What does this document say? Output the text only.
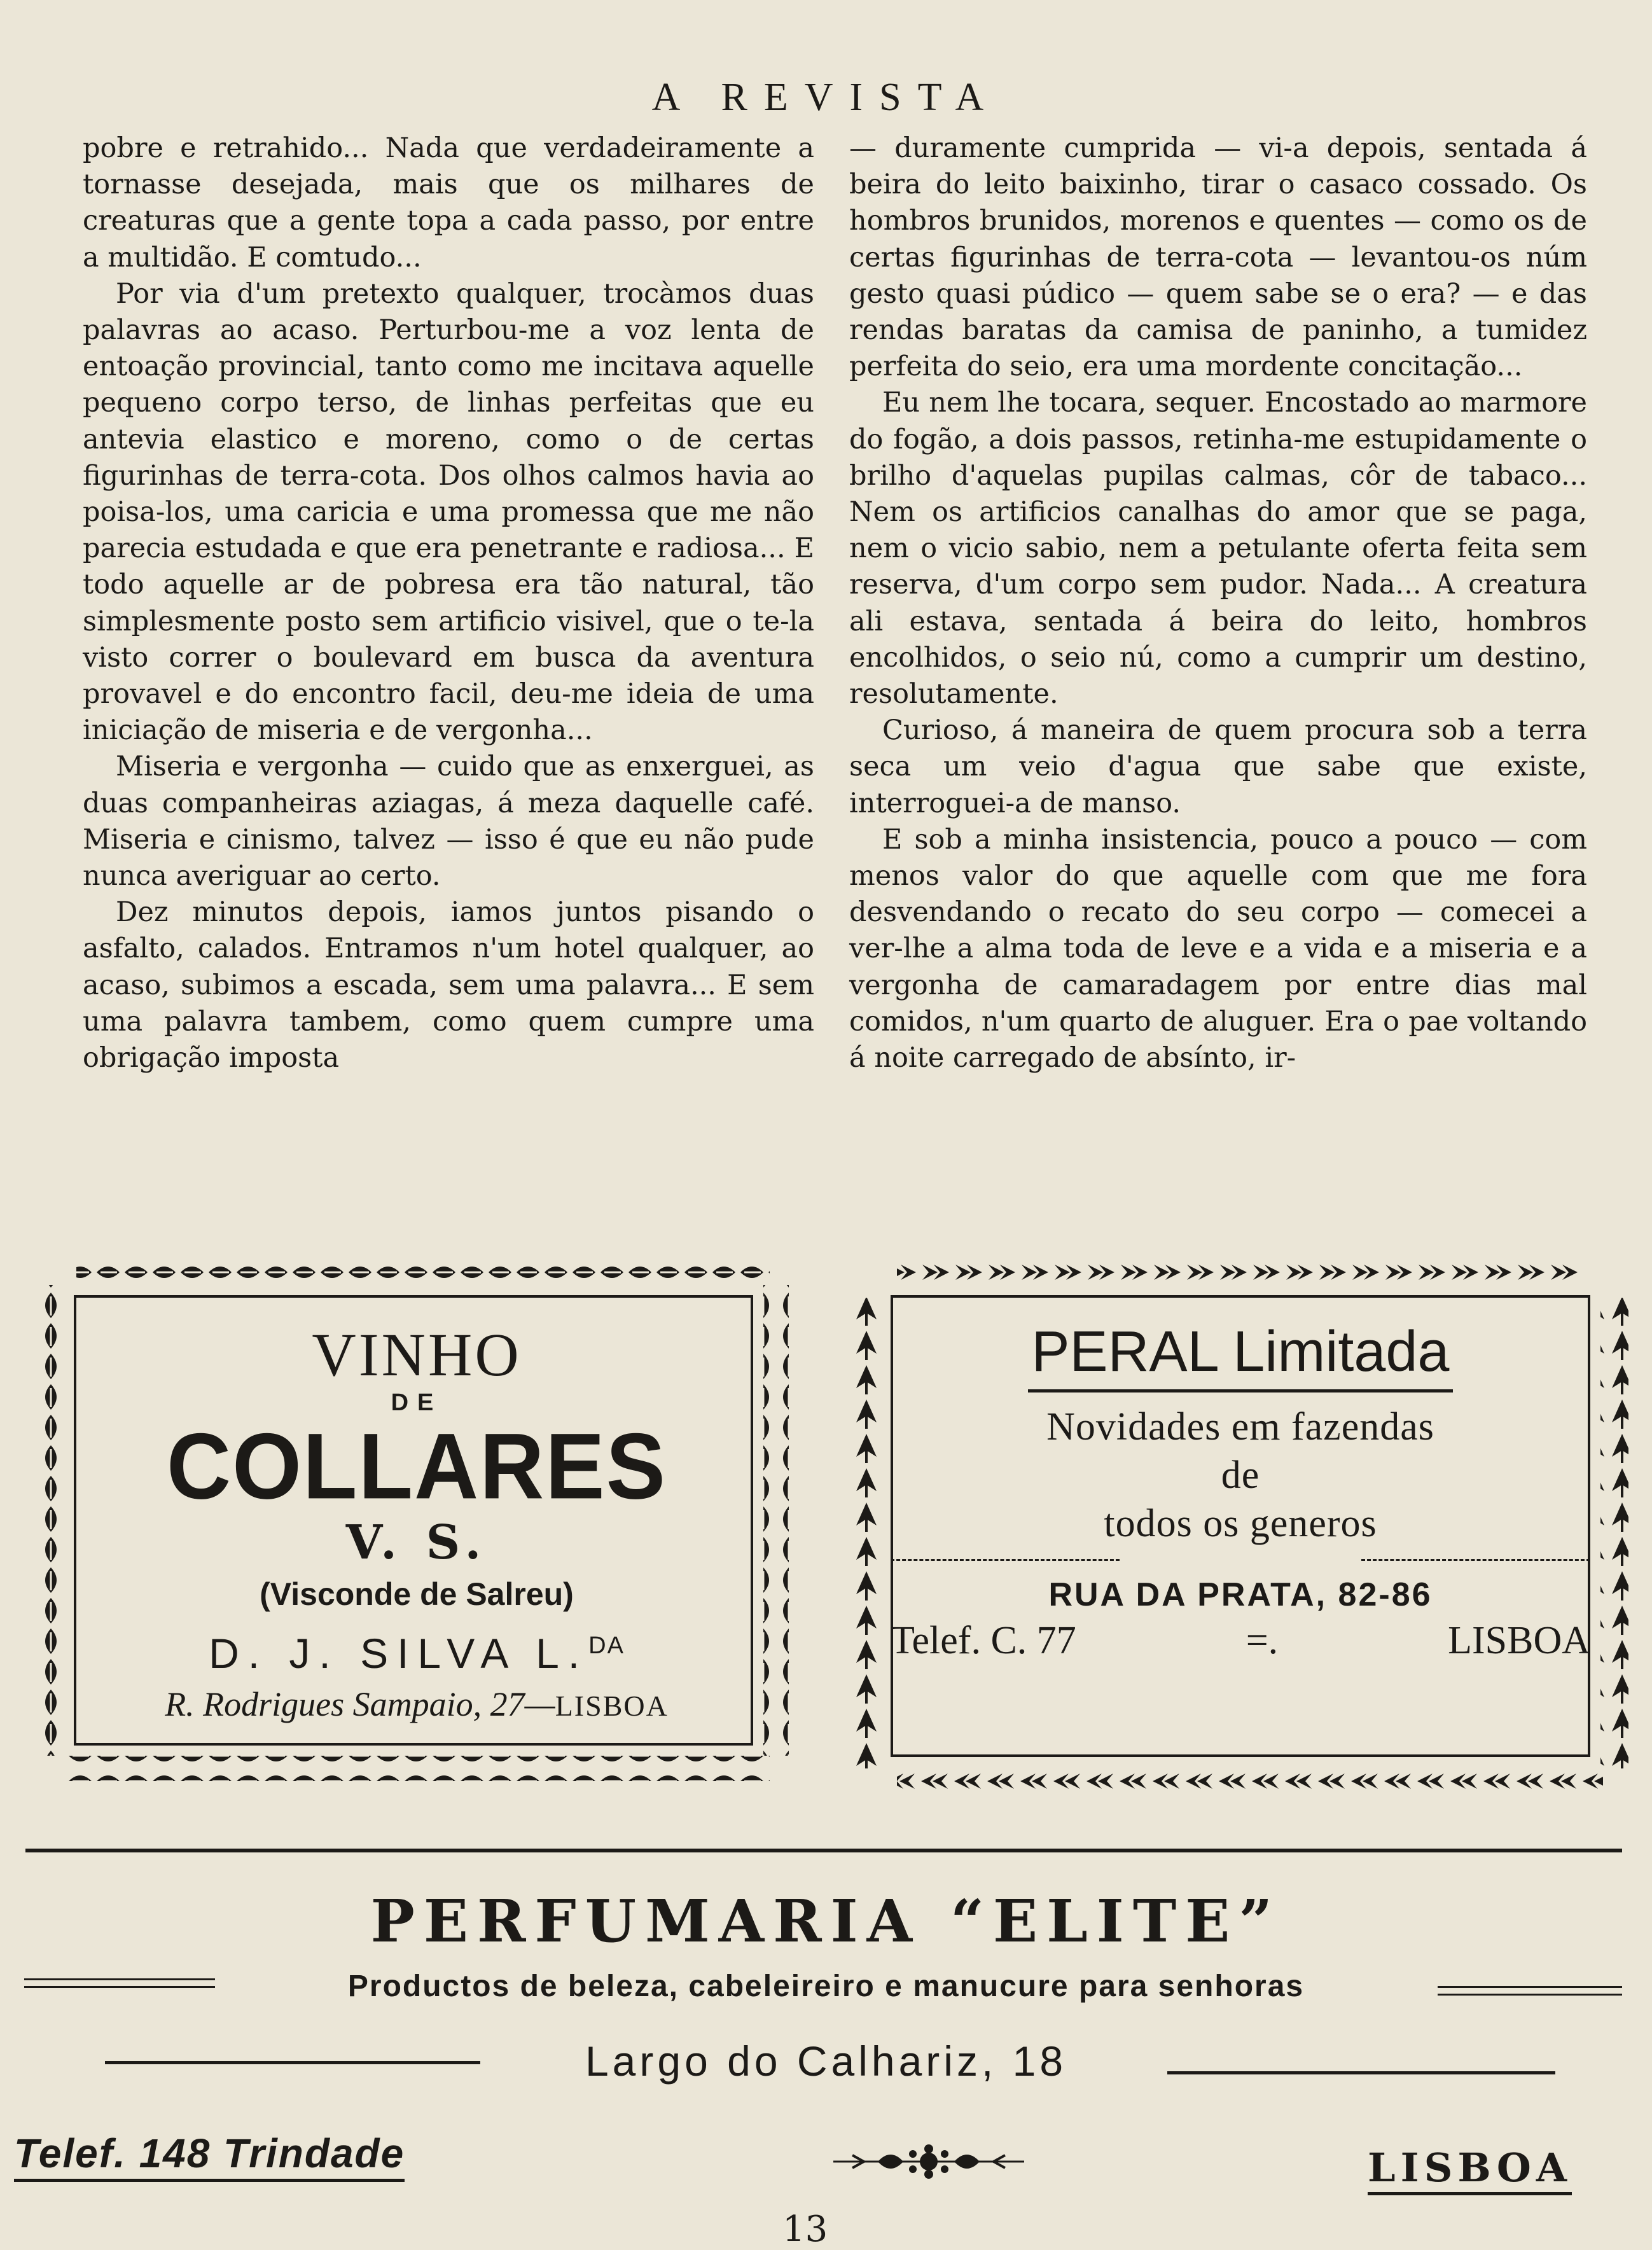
A REVISTA

pobre e retrahido... Nada que verdadeiramente a tornasse desejada, mais que os milhares de creaturas que a gente topa a cada passo, por entre a multidão. E comtudo...

Por via d'um pretexto qualquer, trocàmos duas palavras ao acaso. Perturbou-me a voz lenta de entoação provincial, tanto como me incitava aquelle pequeno corpo terso, de linhas perfeitas que eu antevia elastico e moreno, como o de certas figurinhas de terra-cota. Dos olhos calmos havia ao poisa-los, uma caricia e uma promessa que me não parecia estudada e que era penetrante e radiosa... E todo aquelle ar de pobresa era tão natural, tão simplesmente posto sem artificio visivel, que o te-la visto correr o boulevard em busca da aventura provavel e do encontro facil, deu-me ideia de uma iniciação de miseria e de vergonha...

Miseria e vergonha — cuido que as enxerguei, as duas companheiras aziagas, á meza daquelle café. Miseria e cinismo, talvez — isso é que eu não pude nunca averiguar ao certo.

Dez minutos depois, iamos juntos pisando o asfalto, calados. Entramos n'um hotel qualquer, ao acaso, subimos a escada, sem uma palavra... E sem uma palavra tambem, como quem cumpre uma obrigação imposta

— duramente cumprida — vi-a depois, sentada á beira do leito baixinho, tirar o casaco cossado. Os hombros brunidos, morenos e quentes — como os de certas figurinhas de terra-cota — levantou-os núm gesto quasi púdico — quem sabe se o era? — e das rendas baratas da camisa de paninho, a tumidez perfeita do seio, era uma mordente concitação...

Eu nem lhe tocara, sequer. Encostado ao marmore do fogão, a dois passos, retinha-me estupidamente o brilho d'aquelas pupilas calmas, côr de tabaco... Nem os artificios canalhas do amor que se paga, nem o vicio sabio, nem a petulante oferta feita sem reserva, d'um corpo sem pudor. Nada... A creatura ali estava, sentada á beira do leito, hombros encolhidos, o seio nú, como a cumprir um destino, resolutamente.

Curioso, á maneira de quem procura sob a terra seca um veio d'agua que sabe que existe, interroguei-a de manso.

E sob a minha insistencia, pouco a pouco — com menos valor do que aquelle com que me fora desvendando o recato do seu corpo — comecei a ver-lhe a alma toda de leve e a vida e a miseria e a vergonha de camaradagem por entre dias mal comidos, n'um quarto de aluguer. Era o pae voltando á noite carregado de absínto, ir-

VINHO
DE
COLLARES
V. S.
(Visconde de Salreu)
D. J. SILVA L.$^{DA}$
R. Rodrigues Sampaio, 27—LISBOA
PERAL Limitada
Novidades em fazendas
de
todos os generos
RUA DA PRATA, 82-86
Telef. C. 77	=.	LISBOA
PERFUMARIA “ELITE”
Productos de beleza, cabeleireiro e manucure para senhoras
Largo do Calhariz, 18
Telef. 148 Trindade	LISBOA
13
